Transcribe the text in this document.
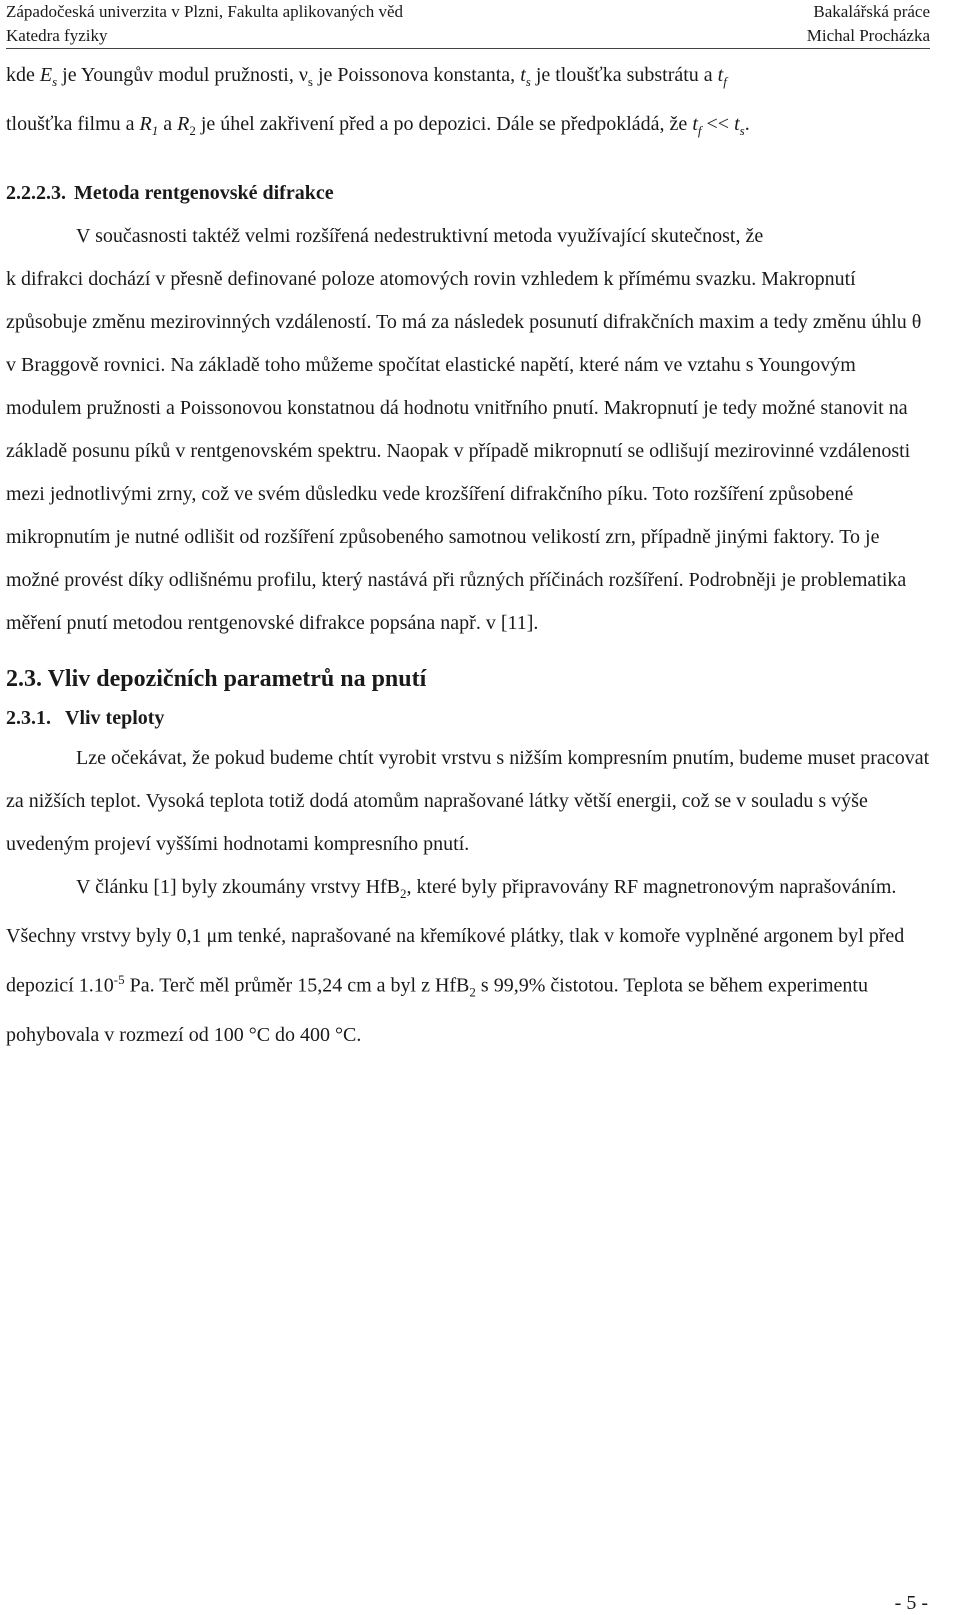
Západočeská univerzita v Plzni, Fakulta aplikovaných věd	Bakalářská práce
Katedra fyziky	Michal Procházka

kde $E_s$ je Youngův modul pružnosti, $\nu_s$ je Poissonova konstanta, $t_s$ je tloušťka substrátu a $t_f$
tloušťka filmu a $R_1$ a $R_2$ je úhel zakřivení před a po depozici. Dále se předpokládá, že $t_f << t_s$.

2.2.2.3. Metoda rentgenovské difrakce

V současnosti taktéž velmi rozšířená nedestruktivní metoda využívající skutečnost, že

k difrakci dochází v přesně definované poloze atomových rovin vzhledem k přímému svazku. Makropnutí způsobuje změnu mezirovinných vzdáleností. To má za následek posunutí difrakčních maxim a tedy změnu úhlu θ v Braggově rovnici. Na základě toho můžeme spočítat elastické napětí, které nám ve vztahu s Youngovým modulem pružnosti a Poissonovou konstatnou dá hodnotu vnitřního pnutí. Makropnutí je tedy možné stanovit na základě posunu píků v rentgenovském spektru. Naopak v případě mikropnutí se odlišují mezirovinné vzdálenosti mezi jednotlivými zrny, což ve svém důsledku vede krozšíření difrakčního píku. Toto rozšíření způsobené mikropnutím je nutné odlišit od rozšíření způsobeného samotnou velikostí zrn, případně jinými faktory. To je možné provést díky odlišnému profilu, který nastává při různých příčinách rozšíření. Podrobněji je problematika měření pnutí metodou rentgenovské difrakce popsána např. v [11].

2.3. Vliv depozičních parametrů na pnutí
2.3.1. Vliv teploty

Lze očekávat, že pokud budeme chtít vyrobit vrstvu s nižším kompresním pnutím, budeme muset pracovat za nižších teplot. Vysoká teplota totiž dodá atomům naprašované látky větší energii, což se v souladu s výše uvedeným projeví vyššími hodnotami kompresního pnutí.

V článku [1] byly zkoumány vrstvy HfB$_2$, které byly připravovány RF magnetronovým naprašováním. Všechny vrstvy byly 0,1 μm tenké, naprašované na křemíkové plátky, tlak v komoře vyplněné argonem byl před depozicí $1.10^{-5}$ Pa. Terč měl průměr 15,24 cm a byl z HfB$_2$ s 99,9% čistotou. Teplota se během experimentu pohybovala v rozmezí od 100 °C do 400 °C.

- 5 -
